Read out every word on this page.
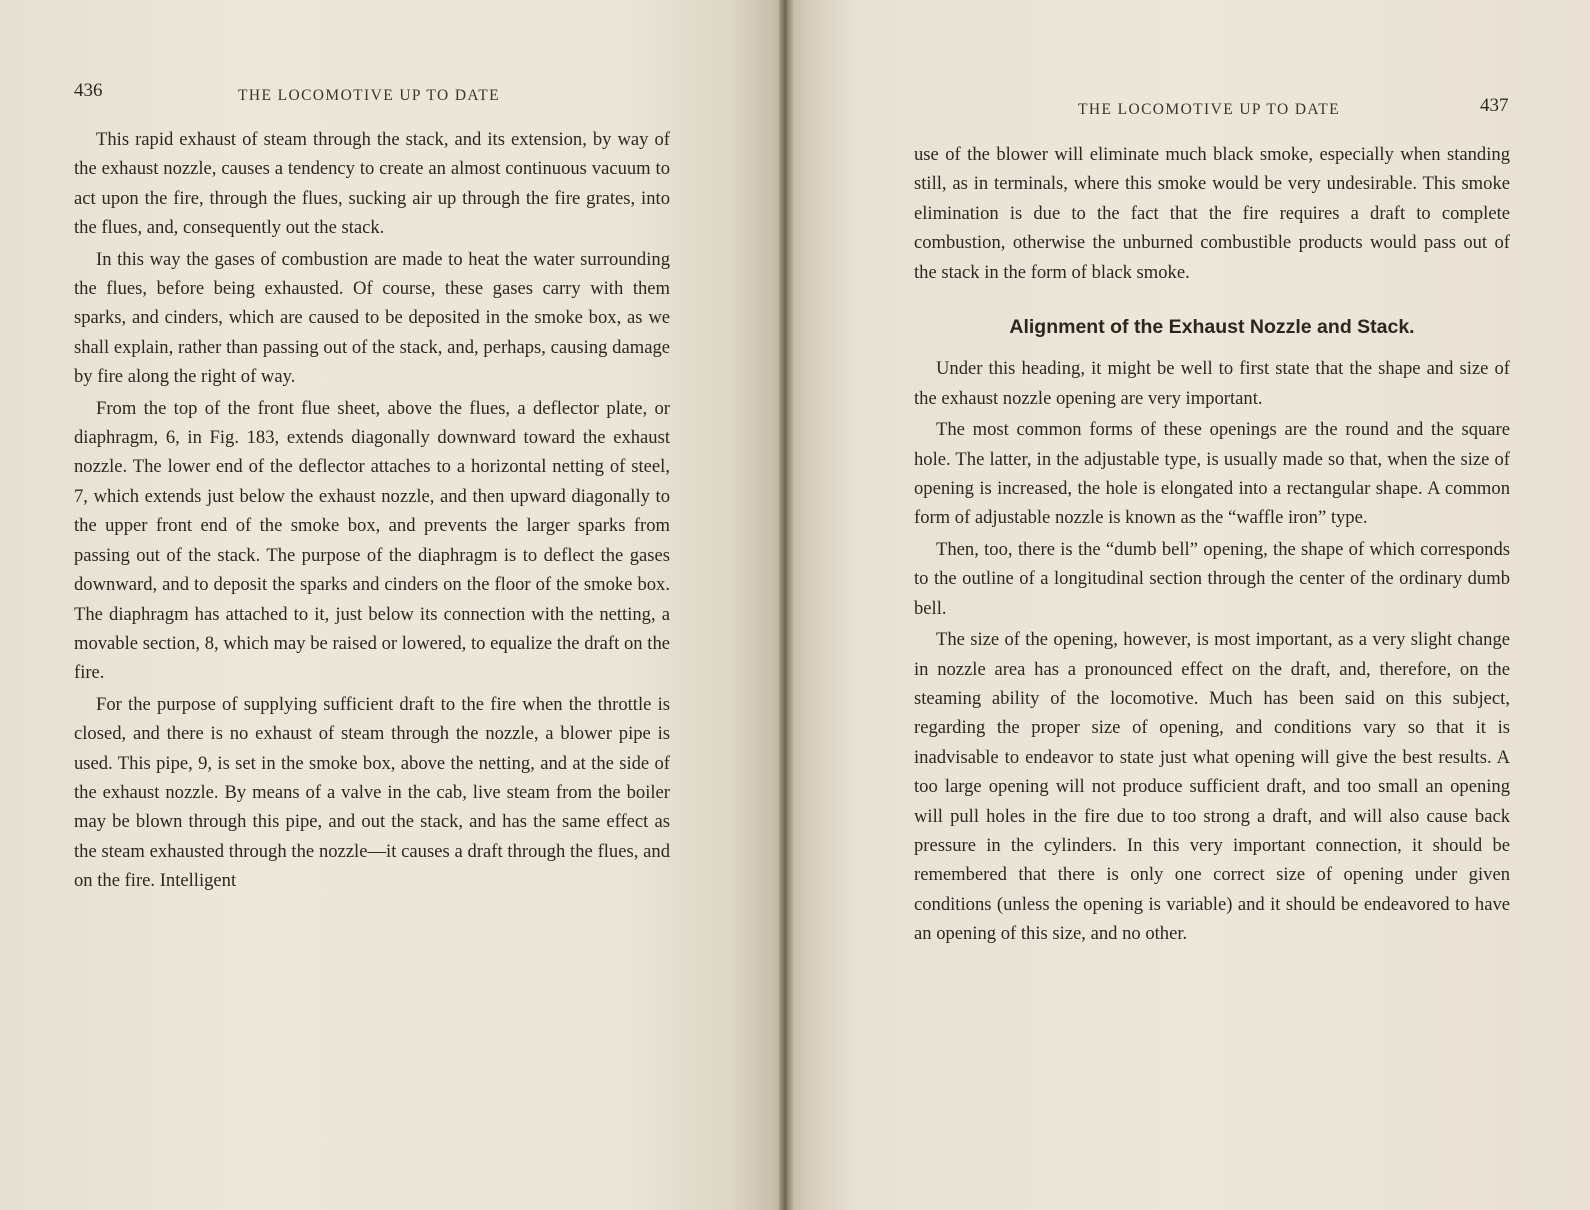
436	THE LOCOMOTIVE UP TO DATE

This rapid exhaust of steam through the stack, and its extension, by way of the exhaust nozzle, causes a tendency to create an almost continuous vacuum to act upon the fire, through the flues, sucking air up through the fire grates, into the flues, and, consequently out the stack.

In this way the gases of combustion are made to heat the water surrounding the flues, before being exhausted. Of course, these gases carry with them sparks, and cinders, which are caused to be deposited in the smoke box, as we shall explain, rather than passing out of the stack, and, perhaps, causing damage by fire along the right of way.

From the top of the front flue sheet, above the flues, a deflector plate, or diaphragm, 6, in Fig. 183, extends diagonally downward toward the exhaust nozzle. The lower end of the deflector attaches to a horizontal netting of steel, 7, which extends just below the exhaust nozzle, and then upward diagonally to the upper front end of the smoke box, and prevents the larger sparks from passing out of the stack. The purpose of the diaphragm is to deflect the gases downward, and to deposit the sparks and cinders on the floor of the smoke box. The diaphragm has attached to it, just below its connection with the netting, a movable section, 8, which may be raised or lowered, to equalize the draft on the fire.

For the purpose of supplying sufficient draft to the fire when the throttle is closed, and there is no exhaust of steam through the nozzle, a blower pipe is used. This pipe, 9, is set in the smoke box, above the netting, and at the side of the exhaust nozzle. By means of a valve in the cab, live steam from the boiler may be blown through this pipe, and out the stack, and has the same effect as the steam exhausted through the nozzle—it causes a draft through the flues, and on the fire. Intelligent

THE LOCOMOTIVE UP TO DATE	437

use of the blower will eliminate much black smoke, especially when standing still, as in terminals, where this smoke would be very undesirable. This smoke elimination is due to the fact that the fire requires a draft to complete combustion, otherwise the unburned combustible products would pass out of the stack in the form of black smoke.

Alignment of the Exhaust Nozzle and Stack.

Under this heading, it might be well to first state that the shape and size of the exhaust nozzle opening are very important.

The most common forms of these openings are the round and the square hole. The latter, in the adjustable type, is usually made so that, when the size of opening is increased, the hole is elongated into a rectangular shape. A common form of adjustable nozzle is known as the “waffle iron” type.

Then, too, there is the “dumb bell” opening, the shape of which corresponds to the outline of a longitudinal section through the center of the ordinary dumb bell.

The size of the opening, however, is most important, as a very slight change in nozzle area has a pronounced effect on the draft, and, therefore, on the steaming ability of the locomotive. Much has been said on this subject, regarding the proper size of opening, and conditions vary so that it is inadvisable to endeavor to state just what opening will give the best results. A too large opening will not produce sufficient draft, and too small an opening will pull holes in the fire due to too strong a draft, and will also cause back pressure in the cylinders. In this very important connection, it should be remembered that there is only one correct size of opening under given conditions (unless the opening is variable) and it should be endeavored to have an opening of this size, and no other.
